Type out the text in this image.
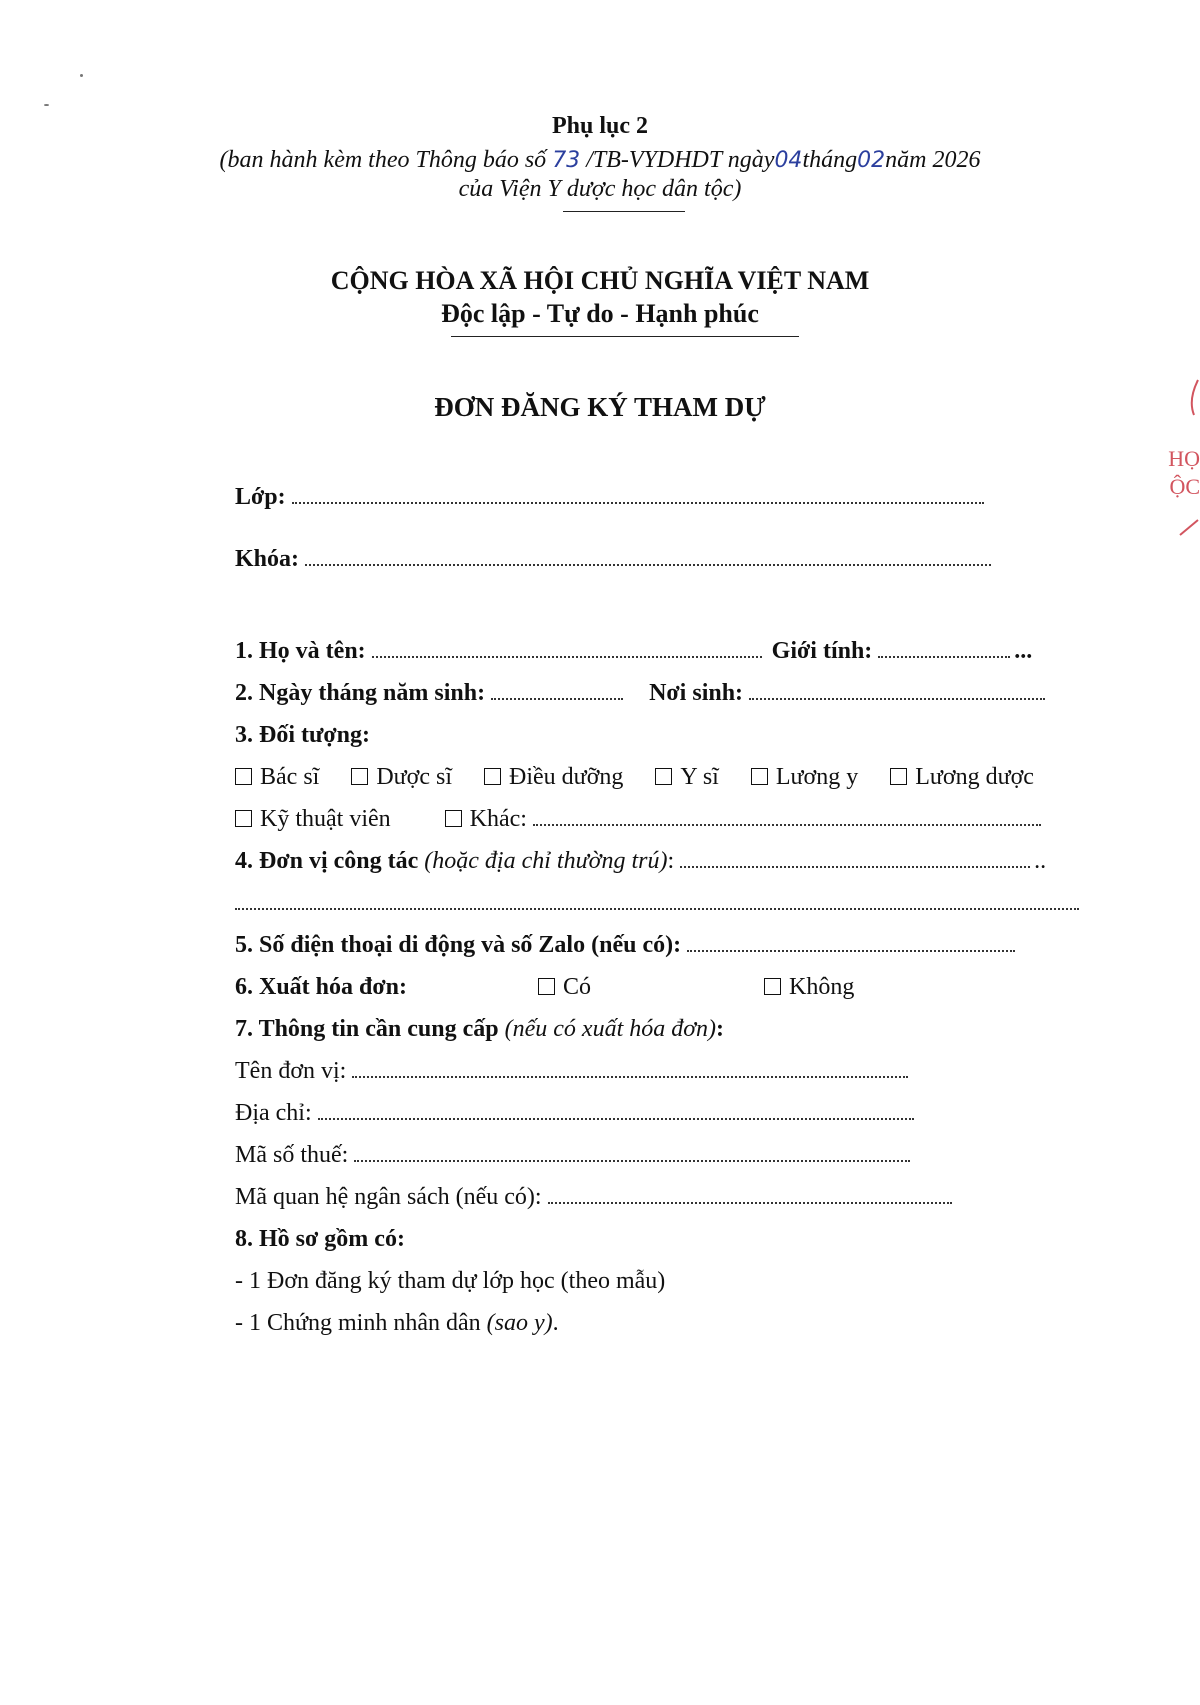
Phụ lục 2
(ban hành kèm theo Thông báo số 73 /TB-VYDHDT ngày04tháng02năm 2026
của Viện Y dược học dân tộc)
CỘNG HÒA XÃ HỘI CHỦ NGHĨA VIỆT NAM
Độc lập - Tự do - Hạnh phúc
ĐƠN ĐĂNG KÝ THAM DỰ
Lớp:
Khóa:
1. Họ và tên:	Giới tính:	...
2. Ngày tháng năm sinh:	Nơi sinh:
3. Đối tượng:
Bác sĩ Dược sĩ Điều dưỡng Y sĩ Lương y Lương dược
Kỹ thuật viên	Khác:
4. Đơn vị công tác (hoặc địa chỉ thường trú):	..
5. Số điện thoại di động và số Zalo (nếu có):
6. Xuất hóa đơn:	Có	Không
7. Thông tin cần cung cấp (nếu có xuất hóa đơn):
Tên đơn vị:
Địa chỉ:
Mã số thuế:
Mã quan hệ ngân sách (nếu có):
8. Hồ sơ gồm có:
- 1 Đơn đăng ký tham dự lớp học (theo mẫu)
- 1 Chứng minh nhân dân (sao y).
HỌ
ỘC
